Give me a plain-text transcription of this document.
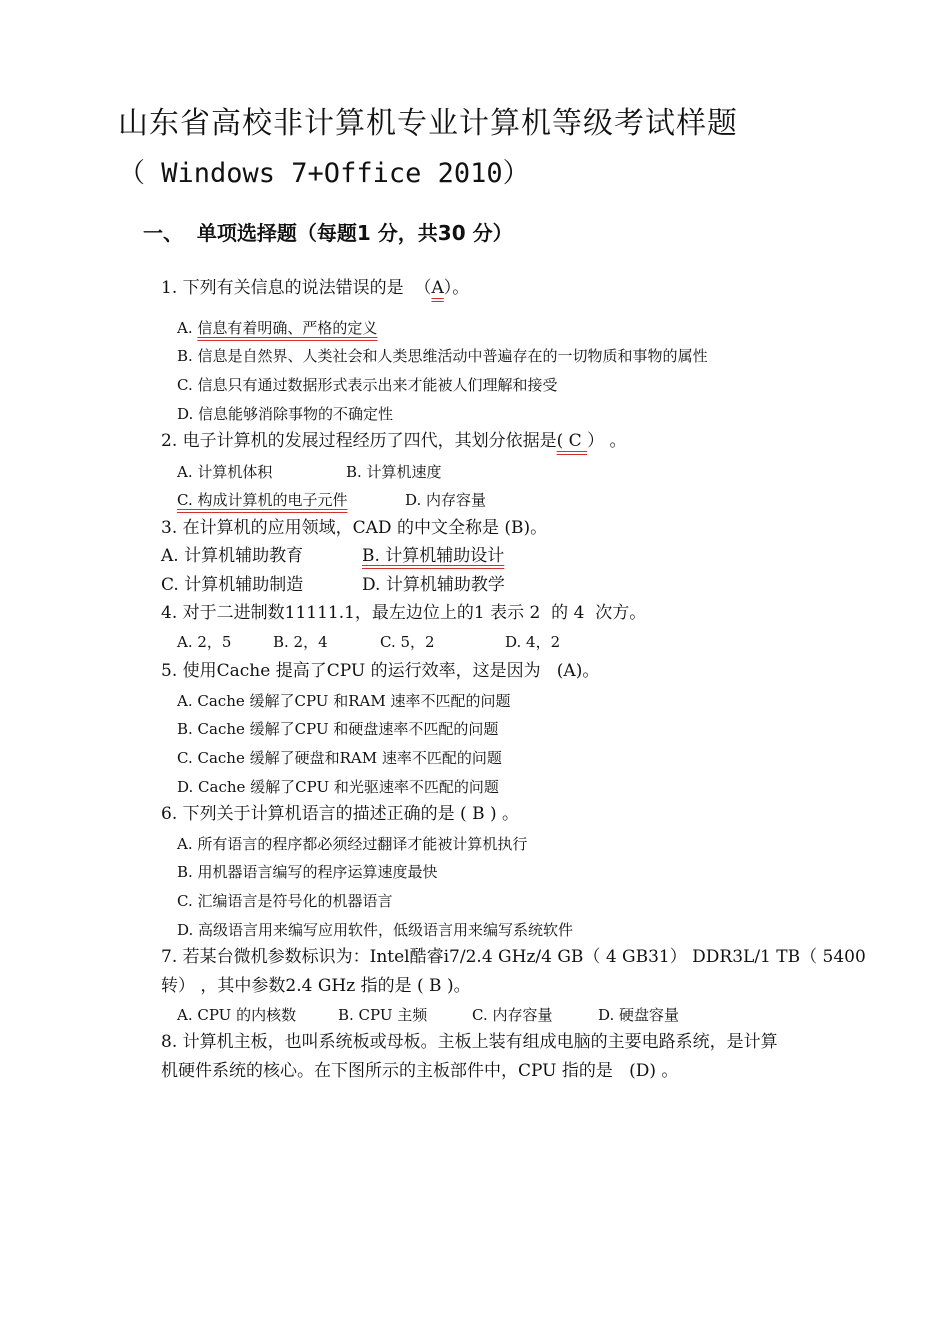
山东省高校非计算机专业计算机等级考试样题
（ Windows 7+Office 2010）
一、  单项选择题（每题1 分，共30 分）
1. 下列有关信息的说法错误的是  （A）。
A. 信息有着明确、严格的定义
B. 信息是自然界、人类社会和人类思维活动中普遍存在的一切物质和事物的属性
C. 信息只有通过数据形式表示出来才能被人们理解和接受
D. 信息能够消除事物的不确定性
2. 电子计算机的发展过程经历了四代，其划分依据是( C ） 。
A. 计算机体积	B. 计算机速度
C. 构成计算机的电子元件	D. 内存容量
3. 在计算机的应用领域，CAD 的中文全称是 (B)。
A. 计算机辅助教育	B. 计算机辅助设计
C. 计算机辅助制造	D. 计算机辅助教学
4. 对于二进制数11111.1，最左边位上的1 表示 2  的 4  次方。
A. 2，5	B. 2，4	C. 5，2	D. 4，2
5. 使用Cache 提高了CPU 的运行效率，这是因为   (A)。
A. Cache 缓解了CPU 和RAM 速率不匹配的问题
B. Cache 缓解了CPU 和硬盘速率不匹配的问题
C. Cache 缓解了硬盘和RAM 速率不匹配的问题
D. Cache 缓解了CPU 和光驱速率不匹配的问题
6. 下列关于计算机语言的描述正确的是 ( B ) 。
A. 所有语言的程序都必须经过翻译才能被计算机执行
B. 用机器语言编写的程序运算速度最快
C. 汇编语言是符号化的机器语言
D. 高级语言用来编写应用软件，低级语言用来编写系统软件
7. 若某台微机参数标识为：Intel酷睿i7/2.4 GHz/4 GB（ 4 GB31） DDR3L/1 TB（ 5400
转） ，其中参数2.4 GHz 指的是 ( B )。
A. CPU 的内核数	B. CPU 主频	C. 内存容量	D. 硬盘容量
8. 计算机主板，也叫系统板或母板。主板上装有组成电脑的主要电路系统，是计算
机硬件系统的核心。在下图所示的主板部件中，CPU 指的是   (D) 。
